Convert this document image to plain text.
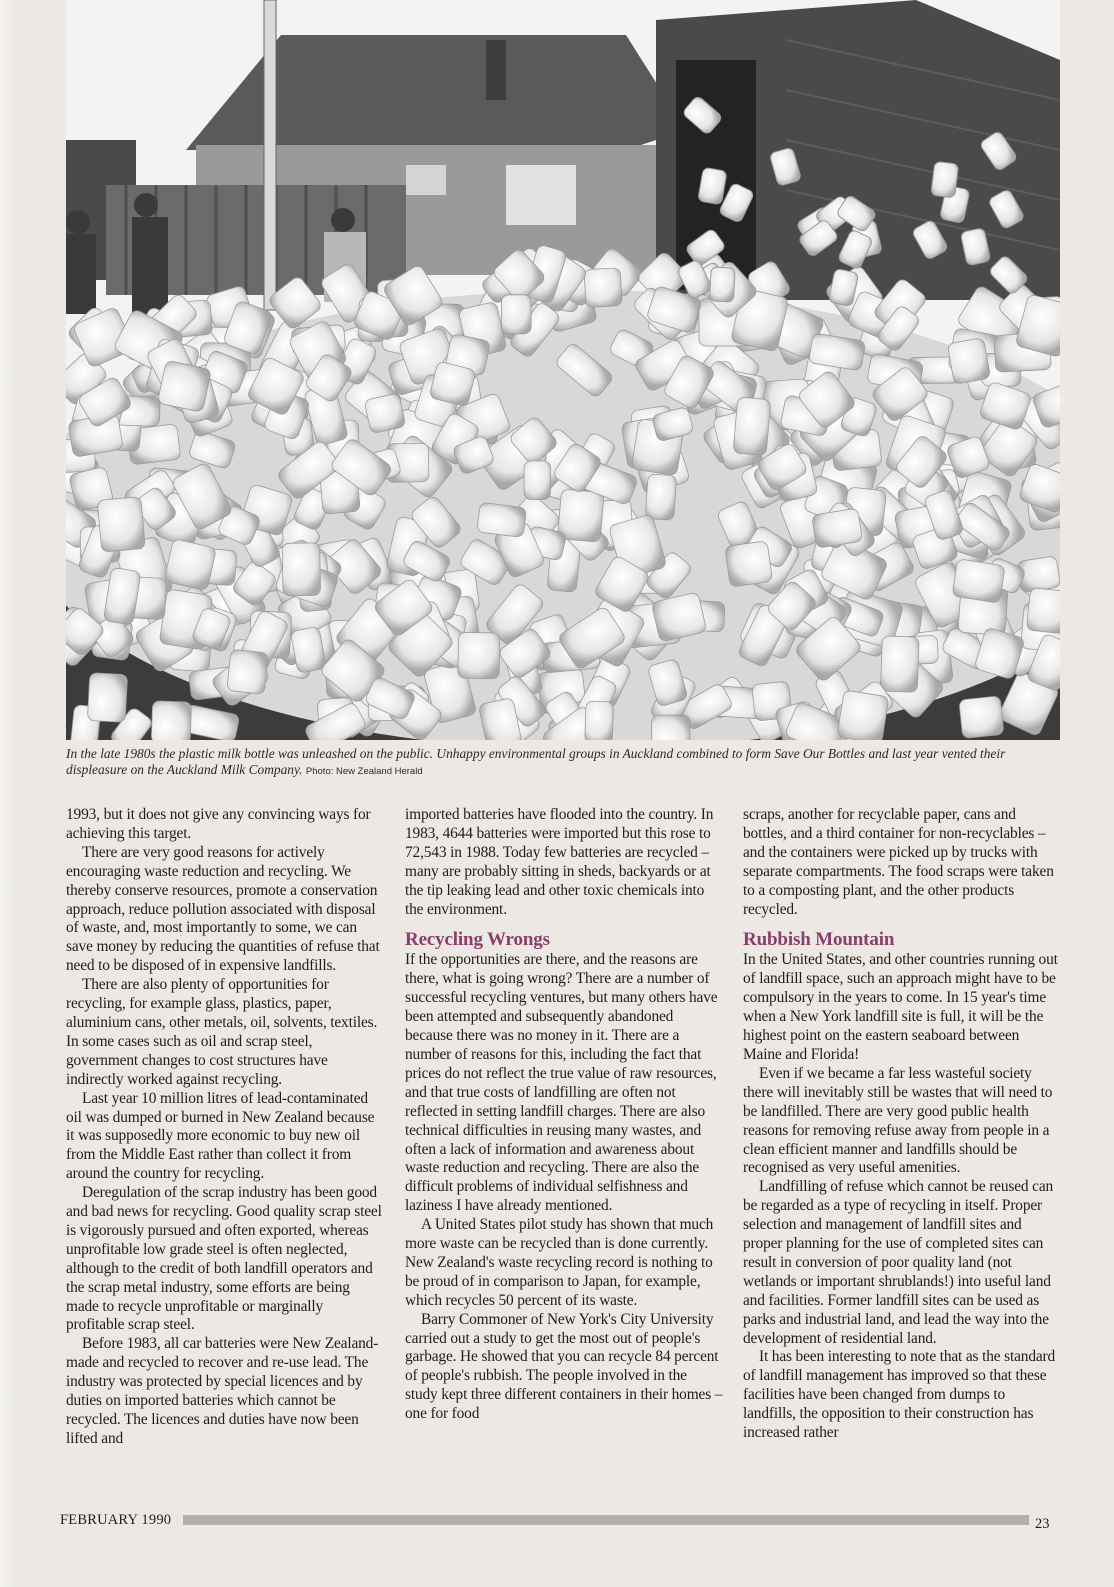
In the late 1980s the plastic milk bottle was unleashed on the public. Unhappy environmental groups in Auckland combined to form Save Our Bottles and last year vented their displeasure on the Auckland Milk Company. Photo: New Zealand Herald

1993, but it does not give any convincing ways for achieving this target.

There are very good reasons for actively encouraging waste reduction and recycling. We thereby conserve resources, promote a conservation approach, reduce pollution associated with disposal of waste, and, most importantly to some, we can save money by reducing the quantities of refuse that need to be disposed of in expensive landfills.

There are also plenty of opportunities for recycling, for example glass, plastics, paper, aluminium cans, other metals, oil, solvents, textiles. In some cases such as oil and scrap steel, government changes to cost structures have indirectly worked against recycling.

Last year 10 million litres of lead-contaminated oil was dumped or burned in New Zealand because it was supposedly more economic to buy new oil from the Middle East rather than collect it from around the country for recycling.

Deregulation of the scrap industry has been good and bad news for recycling. Good quality scrap steel is vigorously pursued and often exported, whereas unprofitable low grade steel is often neglected, although to the credit of both landfill operators and the scrap metal industry, some efforts are being made to recycle unprofitable or marginally profitable scrap steel.

Before 1983, all car batteries were New Zealand-made and recycled to recover and re-use lead. The industry was protected by special licences and by duties on imported batteries which cannot be recycled. The licences and duties have now been lifted and

imported batteries have flooded into the country. In 1983, 4644 batteries were imported but this rose to 72,543 in 1988. Today few batteries are recycled – many are probably sitting in sheds, backyards or at the tip leaking lead and other toxic chemicals into the environment.

Recycling Wrongs

If the opportunities are there, and the reasons are there, what is going wrong? There are a number of successful recycling ventures, but many others have been attempted and subsequently abandoned because there was no money in it. There are a number of reasons for this, including the fact that prices do not reflect the true value of raw resources, and that true costs of landfilling are often not reflected in setting landfill charges. There are also technical difficulties in reusing many wastes, and often a lack of information and awareness about waste reduction and recycling. There are also the difficult problems of individual selfishness and laziness I have already mentioned.

A United States pilot study has shown that much more waste can be recycled than is done currently. New Zealand's waste recycling record is nothing to be proud of in comparison to Japan, for example, which recycles 50 percent of its waste.

Barry Commoner of New York's City University carried out a study to get the most out of people's garbage. He showed that you can recycle 84 percent of people's rubbish. The people involved in the study kept three different containers in their homes – one for food

scraps, another for recyclable paper, cans and bottles, and a third container for non-recyclables – and the containers were picked up by trucks with separate compartments. The food scraps were taken to a composting plant, and the other products recycled.

Rubbish Mountain

In the United States, and other countries running out of landfill space, such an approach might have to be compulsory in the years to come. In 15 year's time when a New York landfill site is full, it will be the highest point on the eastern seaboard between Maine and Florida!

Even if we became a far less wasteful society there will inevitably still be wastes that will need to be landfilled. There are very good public health reasons for removing refuse away from people in a clean efficient manner and landfills should be recognised as very useful amenities.

Landfilling of refuse which cannot be reused can be regarded as a type of recycling in itself. Proper selection and management of landfill sites and proper planning for the use of completed sites can result in conversion of poor quality land (not wetlands or important shrublands!) into useful land and facilities. Former landfill sites can be used as parks and industrial land, and lead the way into the development of residential land.

It has been interesting to note that as the standard of landfill management has improved so that these facilities have been changed from dumps to landfills, the opposition to their construction has increased rather

FEBRUARY 1990	23
